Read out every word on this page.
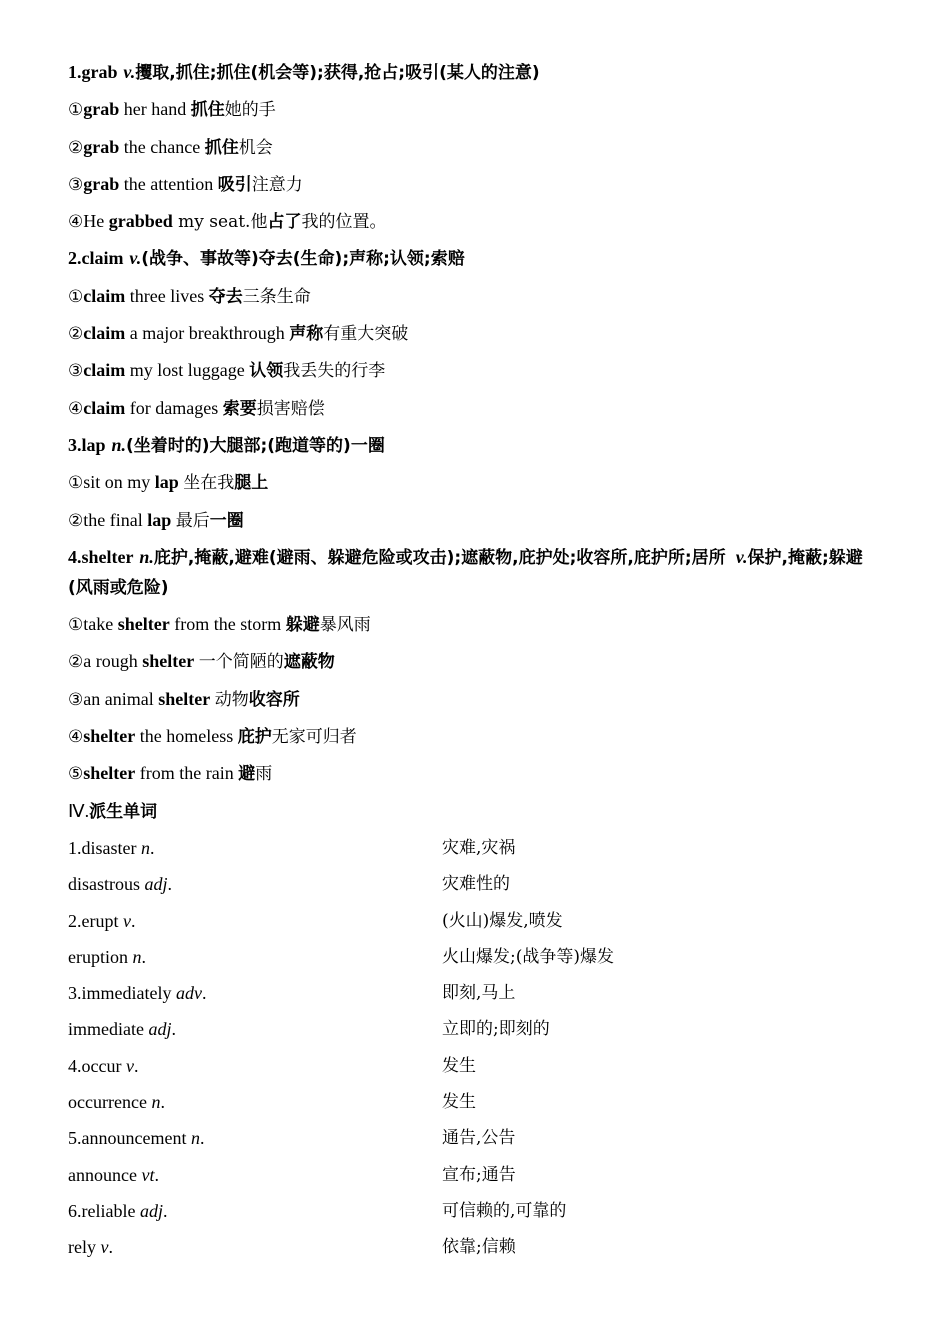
1.grab v.攫取,抓住;抓住(机会等);获得,抢占;吸引(某人的注意)
①grab her hand 抓住她的手
②grab the chance 抓住机会
③grab the attention 吸引注意力
④He grabbed my seat.他占了我的位置。
2.claim v.(战争、事故等)夺去(生命);声称;认领;索赔
①claim three lives 夺去三条生命
②claim a major breakthrough 声称有重大突破
③claim my lost luggage 认领我丢失的行李
④claim for damages 索要损害赔偿
3.lap n.(坐着时的)大腿部;(跑道等的)一圈
①sit on my lap 坐在我腿上
②the final lap 最后一圈
4.shelter n.庇护,掩蔽,避难(避雨、躲避危险或攻击);遮蔽物,庇护处;收容所,庇护所;居所 v.保护,掩蔽;躲避(风雨或危险)
①take shelter from the storm 躲避暴风雨
②a rough shelter 一个简陋的遮蔽物
③an animal shelter 动物收容所
④shelter the homeless 庇护无家可归者
⑤shelter from the rain 避雨
Ⅳ.派生单词
1.disaster n.	灾难,灾祸
disastrous adj.	灾难性的
2.erupt v.	(火山)爆发,喷发
eruption n.	火山爆发;(战争等)爆发
3.immediately adv.	即刻,马上
immediate adj.	立即的;即刻的
4.occur v.	发生
occurrence n.	发生
5.announcement n.	通告,公告
announce vt.	宣布;通告
6.reliable adj.	可信赖的,可靠的
rely v.	依靠;信赖
